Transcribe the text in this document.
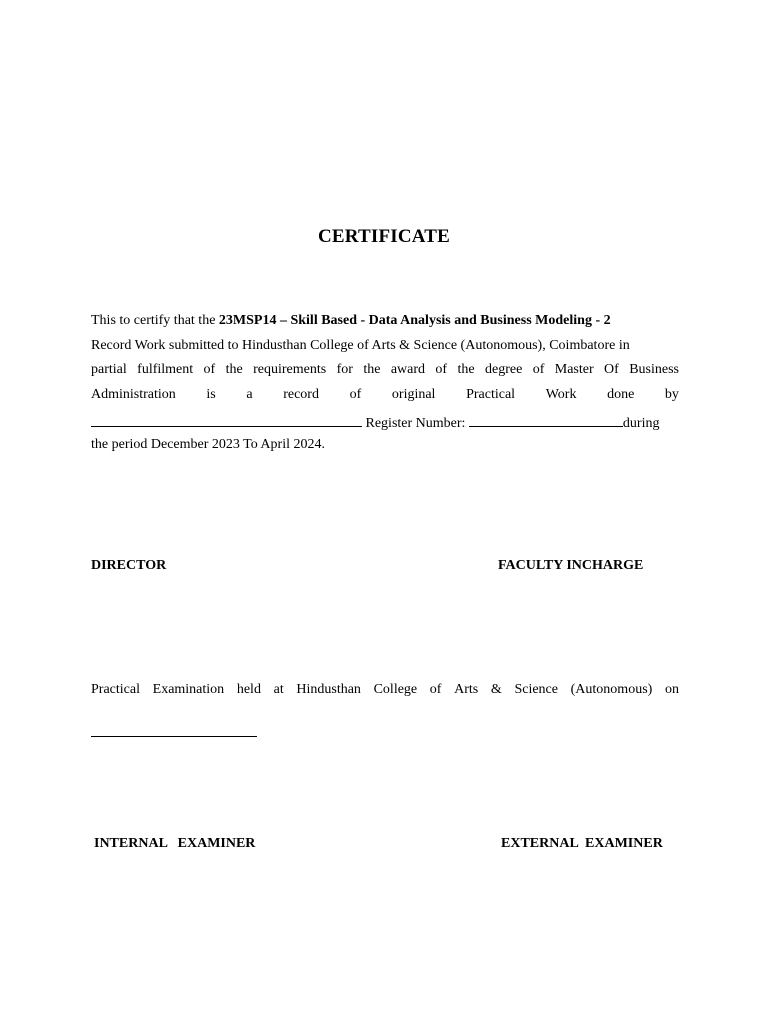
CERTIFICATE
This to certify that the 23MSP14 – Skill Based - Data Analysis and Business Modeling - 2
Record Work submitted to Hindusthan College of Arts & Science (Autonomous), Coimbatore in
partial fulfilment of the requirements for the award of the degree of Master Of Business
Administration is a record of original Practical Work done by
Register Number:	during
the period December 2023 To April 2024.
DIRECTOR	FACULTY INCHARGE
Practical Examination held at Hindusthan College of Arts & Science (Autonomous) on
INTERNAL   EXAMINER	EXTERNAL  EXAMINER
